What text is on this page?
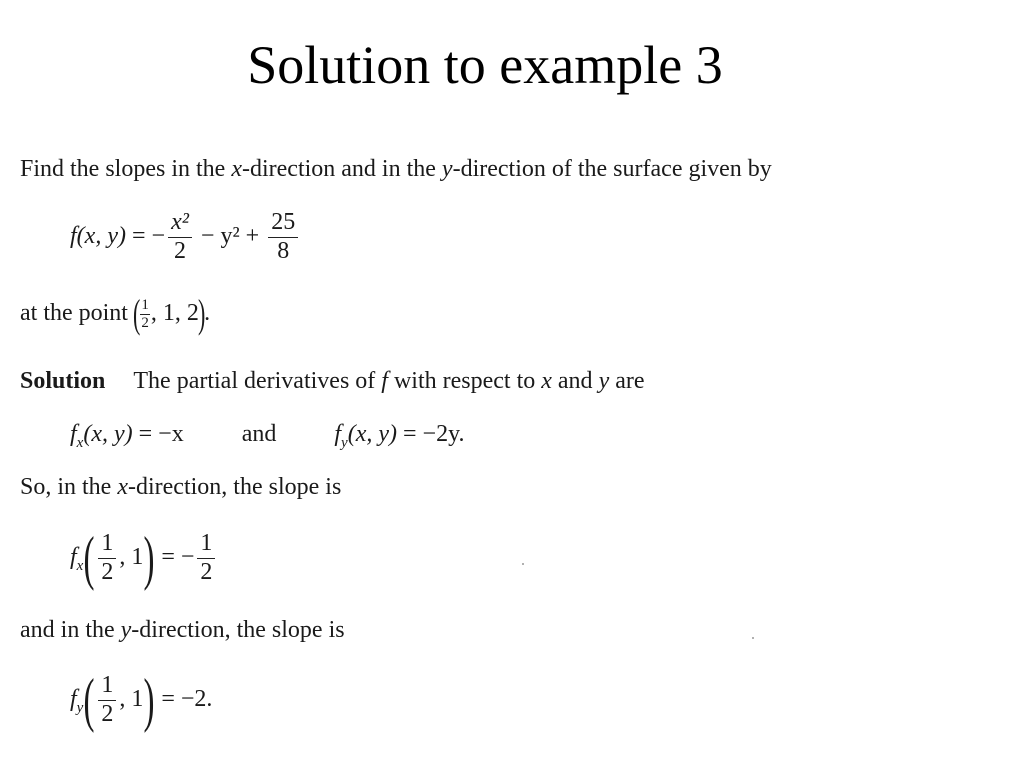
Solution to example 3
Find the slopes in the x-direction and in the y-direction of the surface given by
f(x, y) = − $\frac{\text{x²}}{2} - y^2 + \frac{25}{8}$
at the point ( $\frac{1}{2}$ , 1, 2).
Solution The partial derivatives of f with respect to x and y are
$f_x(x$, y) = −x and $f_y(x$, y) = −2y.
So, in the x-direction, the slope is
$f_x( \frac{1}{2}$ , 1) = − $\frac{1}{2}$
and in the y-direction, the slope is
$f_y( \frac{1}{2}$ , 1) = −2.
